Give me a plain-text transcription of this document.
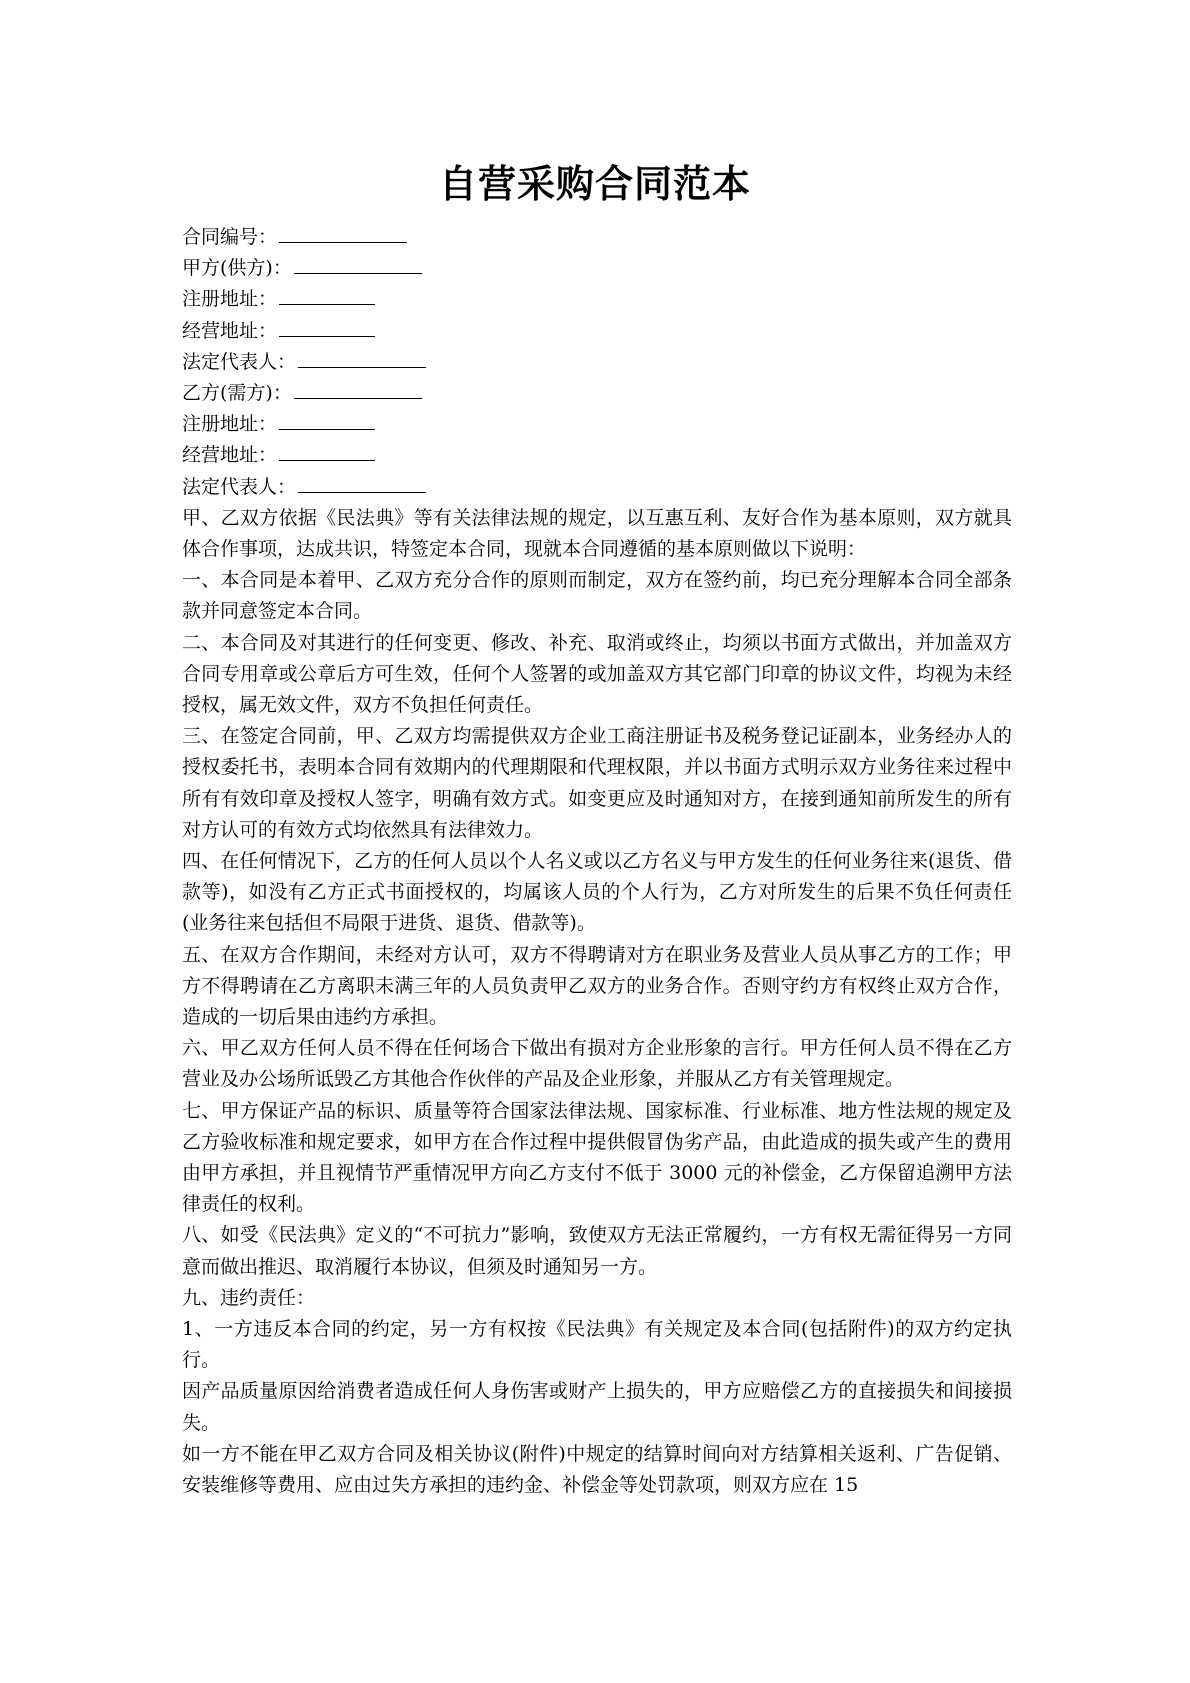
自营采购合同范本
合同编号：
甲方(供方)：
注册地址：
经营地址：
法定代表人：
乙方(需方)：
注册地址：
经营地址：
法定代表人：

甲、乙双方依据《民法典》等有关法律法规的规定，以互惠互利、友好合作为基本原则，双方就具体合作事项，达成共识，特签定本合同，现就本合同遵循的基本原则做以下说明：

一、本合同是本着甲、乙双方充分合作的原则而制定，双方在签约前，均已充分理解本合同全部条款并同意签定本合同。

二、本合同及对其进行的任何变更、修改、补充、取消或终止，均须以书面方式做出，并加盖双方合同专用章或公章后方可生效，任何个人签署的或加盖双方其它部门印章的协议文件，均视为未经授权，属无效文件，双方不负担任何责任。

三、在签定合同前，甲、乙双方均需提供双方企业工商注册证书及税务登记证副本，业务经办人的授权委托书，表明本合同有效期内的代理期限和代理权限，并以书面方式明示双方业务往来过程中所有有效印章及授权人签字，明确有效方式。如变更应及时通知对方，在接到通知前所发生的所有对方认可的有效方式均依然具有法律效力。

四、在任何情况下，乙方的任何人员以个人名义或以乙方名义与甲方发生的任何业务往来(退货、借款等)，如没有乙方正式书面授权的，均属该人员的个人行为，乙方对所发生的后果不负任何责任(业务往来包括但不局限于进货、退货、借款等)。

五、在双方合作期间，未经对方认可，双方不得聘请对方在职业务及营业人员从事乙方的工作；甲方不得聘请在乙方离职未满三年的人员负责甲乙双方的业务合作。否则守约方有权终止双方合作，造成的一切后果由违约方承担。

六、甲乙双方任何人员不得在任何场合下做出有损对方企业形象的言行。甲方任何人员不得在乙方营业及办公场所诋毁乙方其他合作伙伴的产品及企业形象，并服从乙方有关管理规定。

七、甲方保证产品的标识、质量等符合国家法律法规、国家标准、行业标准、地方性法规的规定及乙方验收标准和规定要求，如甲方在合作过程中提供假冒伪劣产品，由此造成的损失或产生的费用由甲方承担，并且视情节严重情况甲方向乙方支付不低于 3000 元的补偿金，乙方保留追溯甲方法律责任的权利。

八、如受《民法典》定义的“不可抗力”影响，致使双方无法正常履约，一方有权无需征得另一方同意而做出推迟、取消履行本协议，但须及时通知另一方。

九、违约责任：

1、一方违反本合同的约定，另一方有权按《民法典》有关规定及本合同(包括附件)的双方约定执行。

因产品质量原因给消费者造成任何人身伤害或财产上损失的，甲方应赔偿乙方的直接损失和间接损失。

如一方不能在甲乙双方合同及相关协议(附件)中规定的结算时间向对方结算相关返利、广告促销、安装维修等费用、应由过失方承担的违约金、补偿金等处罚款项，则双方应在 15
